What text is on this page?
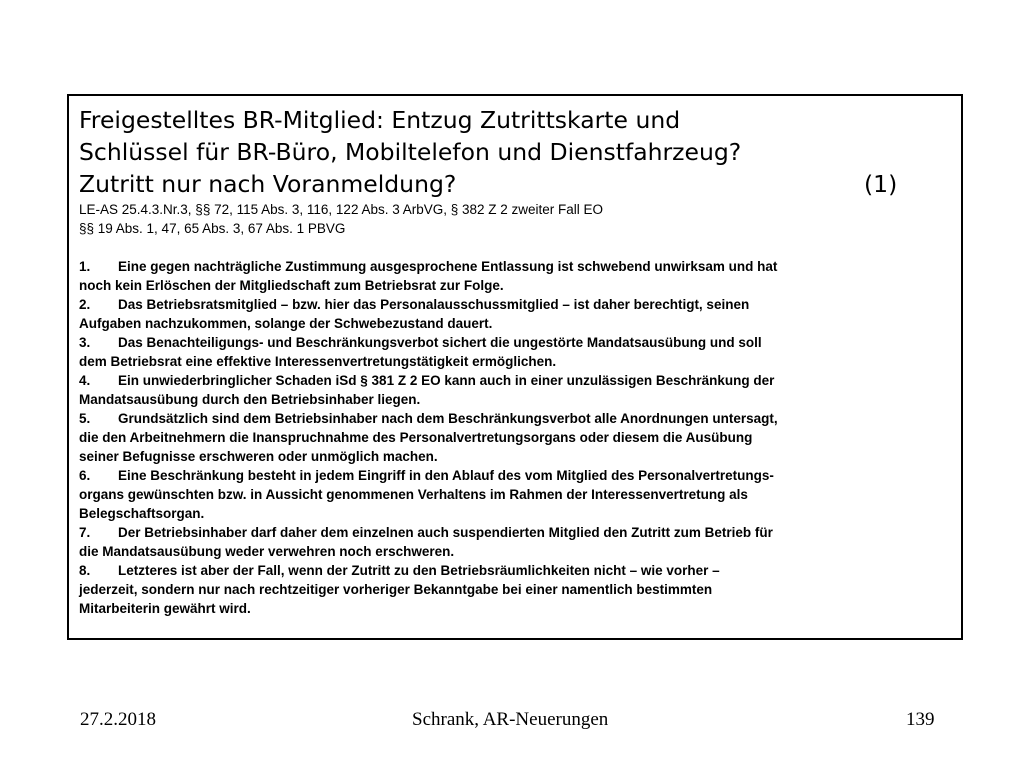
Freigestelltes BR-Mitglied: Entzug Zutrittskarte und
Schlüssel für BR-Büro, Mobiltelefon und Dienstfahrzeug?
Zutritt nur nach Voranmeldung?	(1)
LE-AS 25.4.3.Nr.3, §§ 72, 115 Abs. 3, 116, 122 Abs. 3 ArbVG, § 382 Z 2 zweiter Fall EO
§§ 19 Abs. 1, 47, 65 Abs. 3, 67 Abs. 1 PBVG
1. Eine gegen nachträgliche Zustimmung ausgesprochene Entlassung ist schwebend unwirksam und hat
noch kein Erlöschen der Mitgliedschaft zum Betriebsrat zur Folge.
2. Das Betriebsratsmitglied – bzw. hier das Personalausschussmitglied – ist daher berechtigt, seinen
Aufgaben nachzukommen, solange der Schwebezustand dauert.
3. Das Benachteiligungs- und Beschränkungsverbot sichert die ungestörte Mandatsausübung und soll
dem Betriebsrat eine effektive Interessenvertretungstätigkeit ermöglichen.
4. Ein unwiederbringlicher Schaden iSd § 381 Z 2 EO kann auch in einer unzulässigen Beschränkung der
Mandatsausübung durch den Betriebsinhaber liegen.
5. Grundsätzlich sind dem Betriebsinhaber nach dem Beschränkungsverbot alle Anordnungen untersagt,
die den Arbeitnehmern die Inanspruchnahme des Personalvertretungsorgans oder diesem die Ausübung
seiner Befugnisse erschweren oder unmöglich machen.
6. Eine Beschränkung besteht in jedem Eingriff in den Ablauf des vom Mitglied des Personalvertretungs-
organs gewünschten bzw. in Aussicht genommenen Verhaltens im Rahmen der Interessenvertretung als
Belegschaftsorgan.
7. Der Betriebsinhaber darf daher dem einzelnen auch suspendierten Mitglied den Zutritt zum Betrieb für
die Mandatsausübung weder verwehren noch erschweren.
8. Letzteres ist aber der Fall, wenn der Zutritt zu den Betriebsräumlichkeiten nicht – wie vorher –
jederzeit, sondern nur nach rechtzeitiger vorheriger Bekanntgabe bei einer namentlich bestimmten
Mitarbeiterin gewährt wird.
27.2.2018	Schrank, AR-Neuerungen	139
